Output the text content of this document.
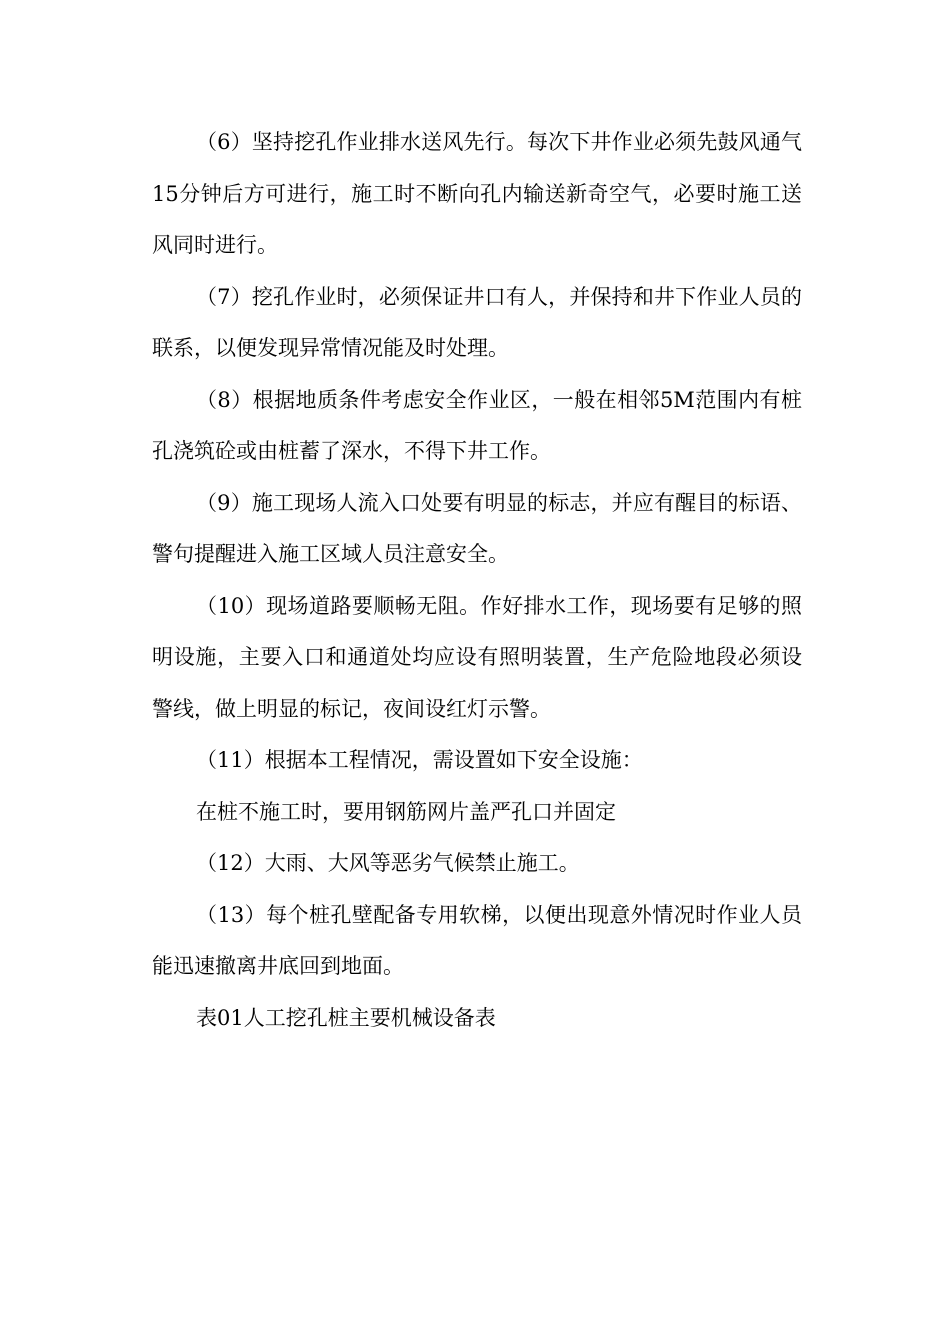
（6）坚持挖孔作业排水送风先行。每次下井作业必须先鼓风通气15分钟后方可进行，施工时不断向孔内输送新奇空气，必要时施工送风同时进行。

（7）挖孔作业时，必须保证井口有人，并保持和井下作业人员的联系，以便发现异常情况能及时处理。

（8）根据地质条件考虑安全作业区，一般在相邻5M范围内有桩孔浇筑砼或由桩蓄了深水，不得下井工作。

（9）施工现场人流入口处要有明显的标志，并应有醒目的标语、警句提醒进入施工区域人员注意安全。

（10）现场道路要顺畅无阻。作好排水工作，现场要有足够的照明设施，主要入口和通道处均应设有照明装置，生产危险地段必须设警线，做上明显的标记，夜间设红灯示警。

（11）根据本工程情况，需设置如下安全设施：

在桩不施工时，要用钢筋网片盖严孔口并固定

（12）大雨、大风等恶劣气候禁止施工。

（13）每个桩孔壁配备专用软梯，以便出现意外情况时作业人员能迅速撤离井底回到地面。

表01人工挖孔桩主要机械设备表
